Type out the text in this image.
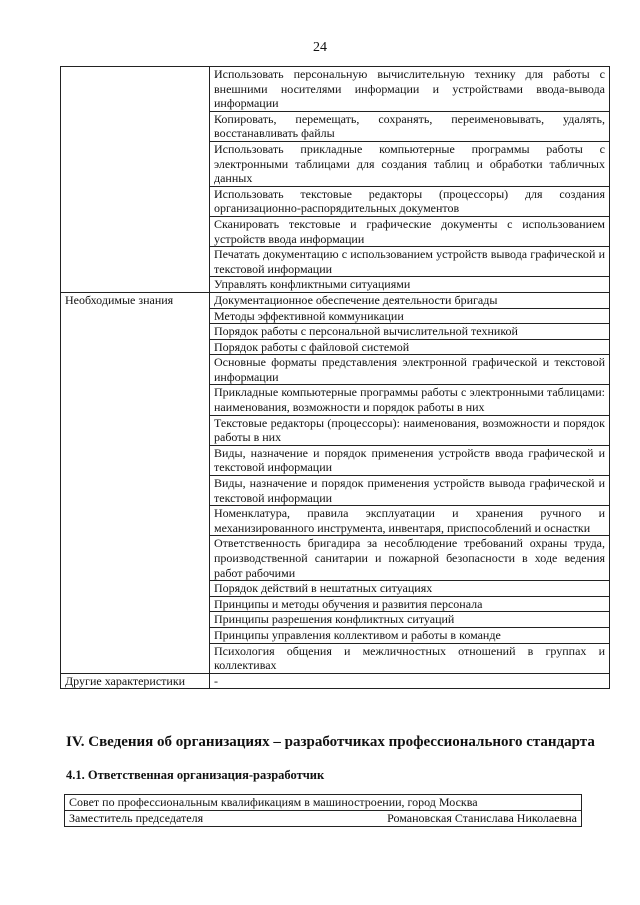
24
	Использовать персональную вычислительную технику для работы с внешними носителями информации и устройствами ввода-вывода информации
	Копировать, перемещать, сохранять, переименовывать, удалять, восстанавливать файлы
	Использовать прикладные компьютерные программы работы с электронными таблицами для создания таблиц и обработки табличных данных
	Использовать текстовые редакторы (процессоры) для создания организационно-распорядительных документов
	Сканировать текстовые и графические документы с использованием устройств ввода информации
	Печатать документацию с использованием устройств вывода графической и текстовой информации
	Управлять конфликтными ситуациями
Необходимые знания	Документационное обеспечение деятельности бригады
	Методы эффективной коммуникации
	Порядок работы с персональной вычислительной техникой
	Порядок работы с файловой системой
	Основные форматы представления электронной графической и текстовой информации
	Прикладные компьютерные программы работы с электронными таблицами: наименования, возможности и порядок работы в них
	Текстовые редакторы (процессоры): наименования, возможности и порядок работы в них
	Виды, назначение и порядок применения устройств ввода графической и текстовой информации
	Виды, назначение и порядок применения устройств вывода графической и текстовой информации
	Номенклатура, правила эксплуатации и хранения ручного и механизированного инструмента, инвентаря, приспособлений и оснастки
	Ответственность бригадира за несоблюдение требований охраны труда, производственной санитарии и пожарной безопасности в ходе ведения работ рабочими
	Порядок действий в нештатных ситуациях
	Принципы и методы обучения и развития персонала
	Принципы разрешения конфликтных ситуаций
	Принципы управления коллективом и работы в команде
	Психология общения и межличностных отношений в группах и коллективах
Другие характеристики	-
IV. Сведения об организациях – разработчиках профессионального стандарта
4.1. Ответственная организация-разработчик
Совет по профессиональным квалификациям в машиностроении, город Москва

Заместитель председателя	Романовская Станислава Николаевна
